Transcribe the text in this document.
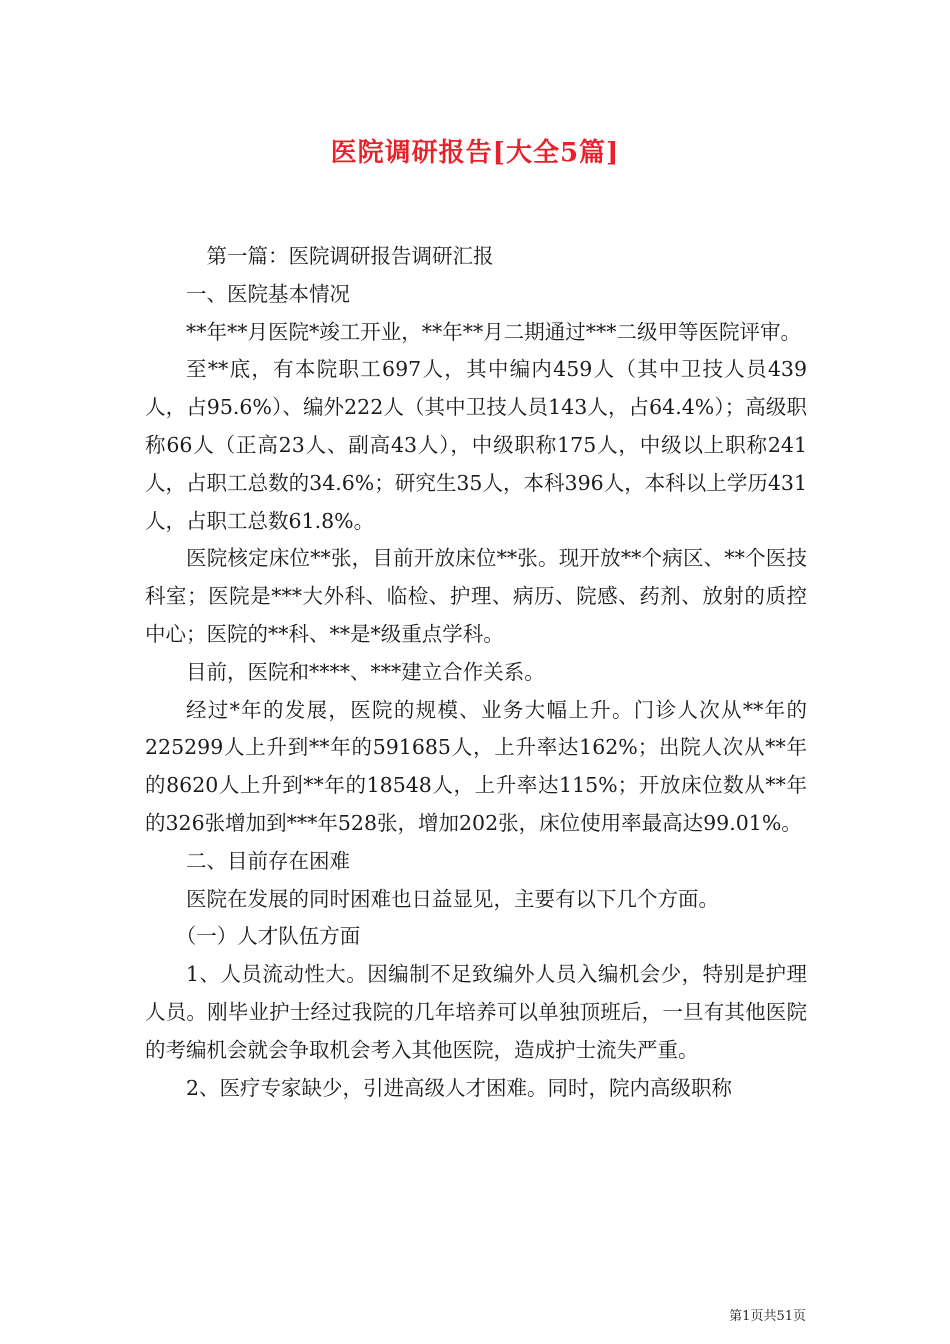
医院调研报告[大全5篇]

第一篇：医院调研报告调研汇报

一、医院基本情况

**年**月医院*竣工开业，**年**月二期通过***二级甲等医院评审。

至**底，有本院职工697人，其中编内459人（其中卫技人员439人，占95.6%）、编外222人（其中卫技人员143人，占64.4%）；高级职称66人（正高23人、副高43人），中级职称175人，中级以上职称241人，占职工总数的34.6%；研究生35人，本科396人，本科以上学历431人，占职工总数61.8%。

医院核定床位**张，目前开放床位**张。现开放**个病区、**个医技科室；医院是***大外科、临检、护理、病历、院感、药剂、放射的质控中心；医院的**科、**是*级重点学科。

目前，医院和****、***建立合作关系。

经过*年的发展，医院的规模、业务大幅上升。门诊人次从**年的225299人上升到**年的591685人，上升率达162%；出院人次从**年的8620人上升到**年的18548人，上升率达115%；开放床位数从**年的326张增加到***年528张，增加202张，床位使用率最高达99.01%。

二、目前存在困难

医院在发展的同时困难也日益显见，主要有以下几个方面。

（一）人才队伍方面

1、人员流动性大。因编制不足致编外人员入编机会少，特别是护理人员。刚毕业护士经过我院的几年培养可以单独顶班后，一旦有其他医院的考编机会就会争取机会考入其他医院，造成护士流失严重。

2、医疗专家缺少，引进高级人才困难。同时，院内高级职称

第1页共51页
